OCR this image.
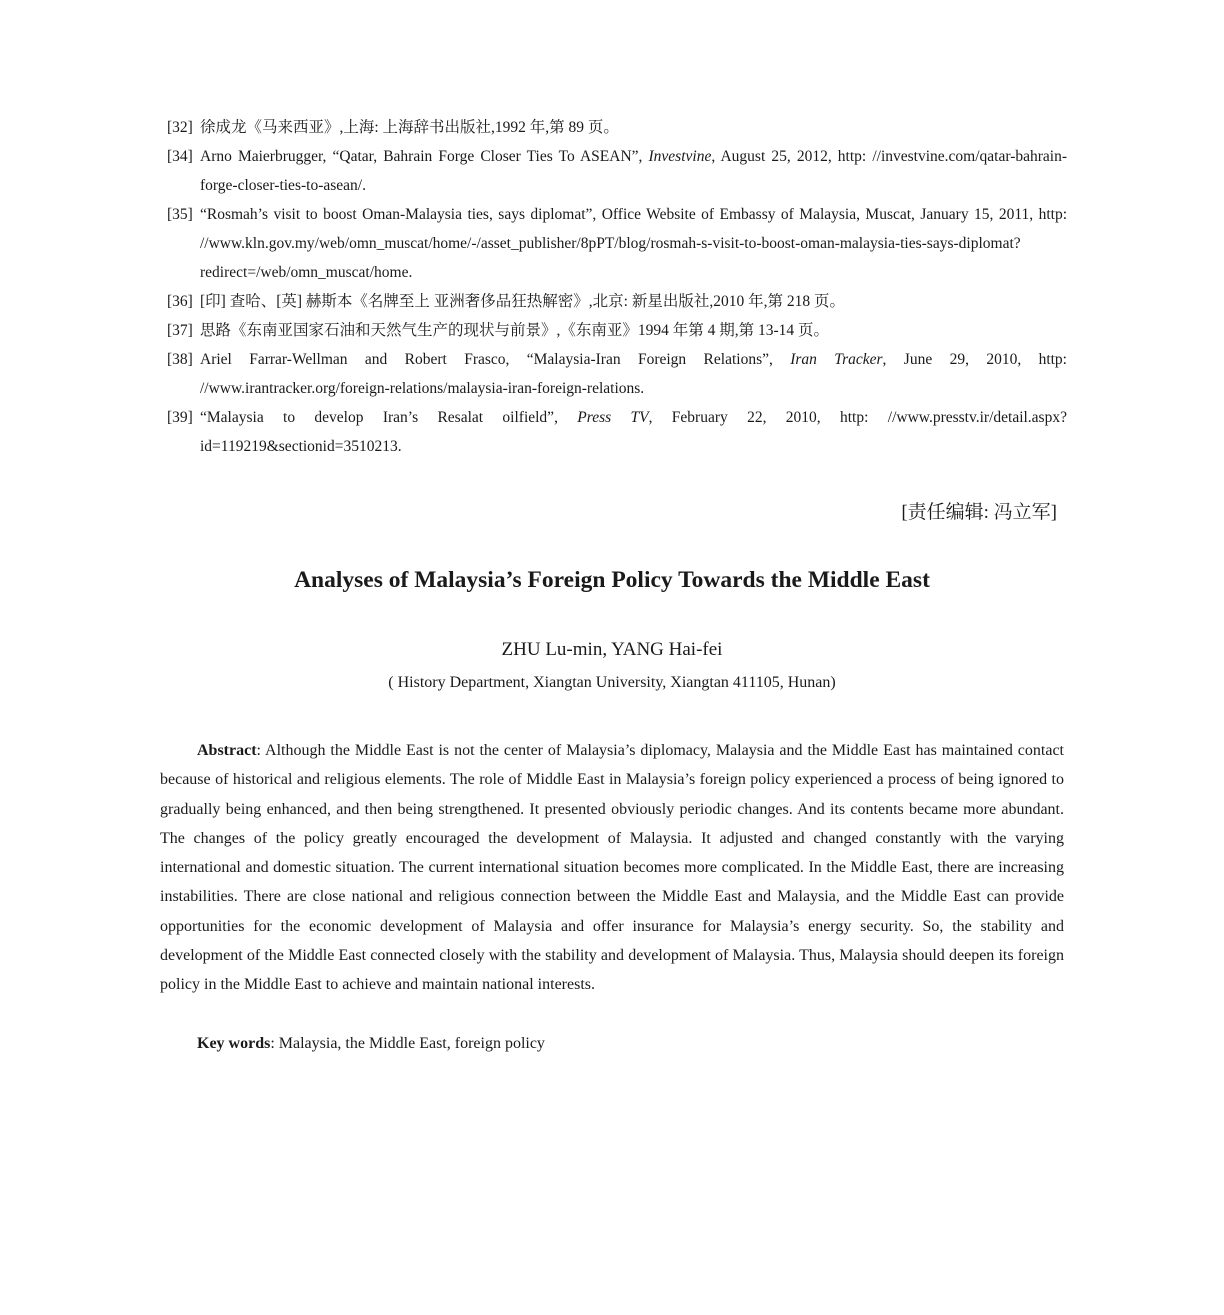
[32] 徐成龙《马来西亚》,上海: 上海辞书出版社,1992 年,第 89 页。
[34] Arno Maierbrugger, “Qatar, Bahrain Forge Closer Ties To ASEAN”, Investvine, August 25, 2012, http: //investvine.com/qatar-bahrain-forge-closer-ties-to-asean/.
[35] “Rosmah’s visit to boost Oman-Malaysia ties, says diplomat”, Office Website of Embassy of Malaysia, Muscat, January 15, 2011, http: //www.kln.gov.my/web/omn_muscat/home/-/asset_publisher/8pPT/blog/rosmah-s-visit-to-boost-oman-malaysia-ties-says-diplomat? redirect=/web/omn_muscat/home.
[36] [印] 查哈、[英] 赫斯本《名牌至上 亚洲奢侈品狂热解密》,北京: 新星出版社,2010 年,第 218 页。
[37] 思路《东南亚国家石油和天然气生产的现状与前景》,《东南亚》1994 年第 4 期,第 13-14 页。
[38] Ariel Farrar-Wellman and Robert Frasco, “Malaysia-Iran Foreign Relations”, Iran Tracker, June 29, 2010, http: //www.irantracker.org/foreign-relations/malaysia-iran-foreign-relations.
[39] “Malaysia to develop Iran’s Resalat oilfield”, Press TV, February 22, 2010, http: //www.presstv.ir/detail.aspx? id=119219&sectionid=3510213.
[责任编辑: 冯立军]
Analyses of Malaysia’s Foreign Policy Towards the Middle East
ZHU Lu-min, YANG Hai-fei
( History Department, Xiangtan University, Xiangtan 411105, Hunan)

Abstract: Although the Middle East is not the center of Malaysia’s diplomacy, Malaysia and the Middle East has maintained contact because of historical and religious elements. The role of Middle East in Malaysia’s foreign policy experienced a process of being ignored to gradually being enhanced, and then being strengthened. It presented obviously periodic changes. And its contents became more abundant. The changes of the policy greatly encouraged the development of Malaysia. It adjusted and changed constantly with the varying international and domestic situation. The current international situation becomes more complicated. In the Middle East, there are increasing instabilities. There are close national and religious connection between the Middle East and Malaysia, and the Middle East can provide opportunities for the economic development of Malaysia and offer insurance for Malaysia’s energy security. So, the stability and development of the Middle East connected closely with the stability and development of Malaysia. Thus, Malaysia should deepen its foreign policy in the Middle East to achieve and maintain national interests.

Key words: Malaysia, the Middle East, foreign policy
